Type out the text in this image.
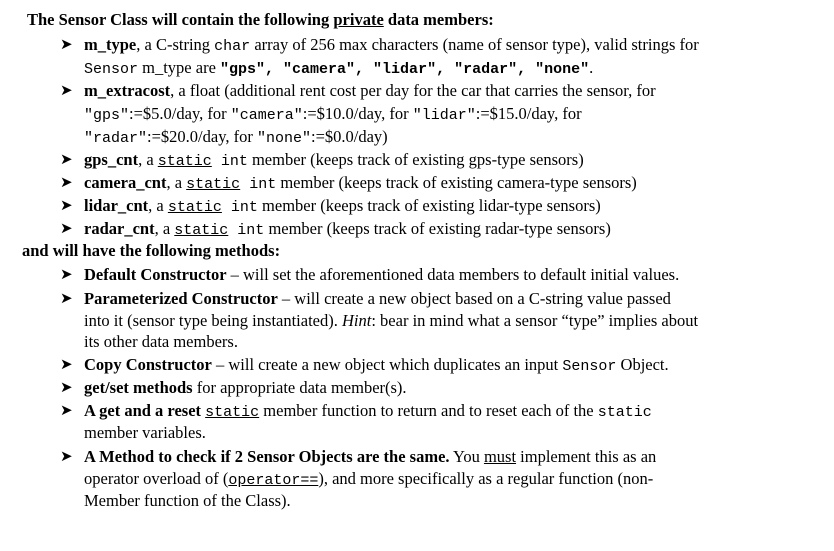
The Sensor Class will contain the following private data members:
➤ m_type, a C-string char array of 256 max characters (name of sensor type), valid strings for
Sensor m_type are "gps", "camera", "lidar", "radar", "none".
➤ m_extracost, a float (additional rent cost per day for the car that carries the sensor, for
"gps":=$5.0/day, for "camera":=$10.0/day, for "lidar":=$15.0/day, for
"radar":=$20.0/day, for "none":=$0.0/day)
➤ gps_cnt, a static int member (keeps track of existing gps-type sensors)
➤ camera_cnt, a static int member (keeps track of existing camera-type sensors)
➤ lidar_cnt, a static int member (keeps track of existing lidar-type sensors)
➤ radar_cnt, a static int member (keeps track of existing radar-type sensors)
and will have the following methods:
➤ Default Constructor – will set the aforementioned data members to default initial values.
➤ Parameterized Constructor – will create a new object based on a C-string value passed
into it (sensor type being instantiated). Hint: bear in mind what a sensor “type” implies about
its other data members.
➤ Copy Constructor – will create a new object which duplicates an input Sensor Object.
➤ get/set methods for appropriate data member(s).
➤ A get and a reset static member function to return and to reset each of the static
member variables.
➤ A Method to check if 2 Sensor Objects are the same. You must implement this as an
operator overload of (operator==), and more specifically as a regular function (non-
Member function of the Class).
